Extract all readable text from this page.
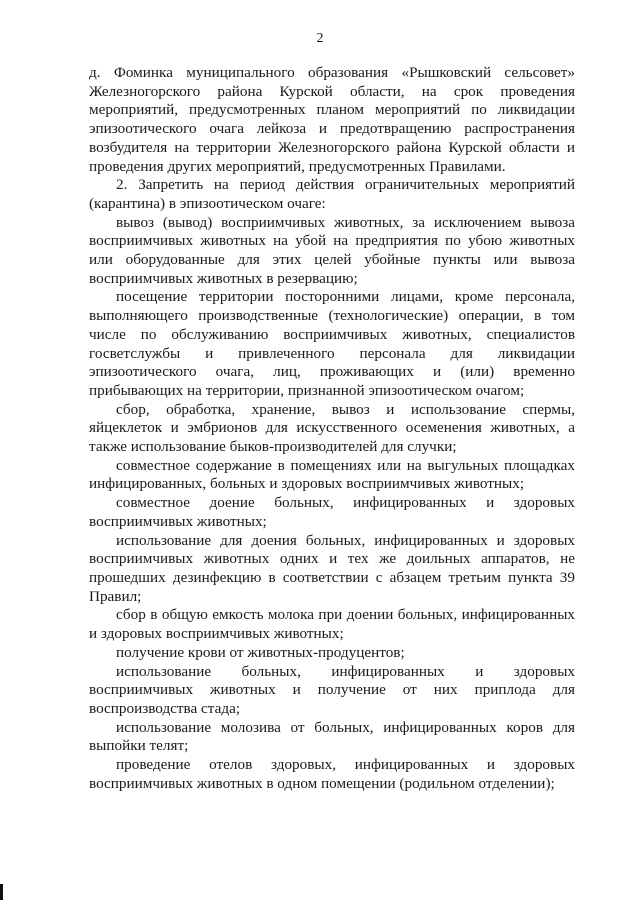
2

д. Фоминка муниципального образования «Рышковский сельсовет» Железногорского района Курской области, на срок проведения мероприятий, предусмотренных планом мероприятий по ликвидации эпизоотического очага лейкоза и предотвращению распространения возбудителя на территории Железногорского района Курской области и проведения других мероприятий, предусмотренных Правилами.

2. Запретить на период действия ограничительных мероприятий (карантина) в эпизоотическом очаге:

вывоз (вывод) восприимчивых животных, за исключением вывоза восприимчивых животных на убой на предприятия по убою животных или оборудованные для этих целей убойные пункты или вывоза восприимчивых животных в резервацию;

посещение территории посторонними лицами, кроме персонала, выполняющего производственные (технологические) операции, в том числе по обслуживанию восприимчивых животных, специалистов госветслужбы и привлеченного персонала для ликвидации эпизоотического очага, лиц, проживающих и (или) временно прибывающих на территории, признанной эпизоотическом очагом;

сбор, обработка, хранение, вывоз и использование спермы, яйцеклеток и эмбрионов для искусственного осеменения животных, а также использование быков-производителей для случки;

совместное содержание в помещениях или на выгульных площадках инфицированных, больных и здоровых восприимчивых животных;

совместное доение больных, инфицированных и здоровых восприимчивых животных;

использование для доения больных, инфицированных и здоровых восприимчивых животных одних и тех же доильных аппаратов, не прошедших дезинфекцию в соответствии с абзацем третьим пункта 39 Правил;

сбор в общую емкость молока при доении больных, инфицированных и здоровых восприимчивых животных;

получение крови от животных-продуцентов;

использование больных, инфицированных и здоровых восприимчивых животных и получение от них приплода для воспроизводства стада;

использование молозива от больных, инфицированных коров для выпойки телят;

проведение отелов здоровых, инфицированных и здоровых восприимчивых животных в одном помещении (родильном отделении);
